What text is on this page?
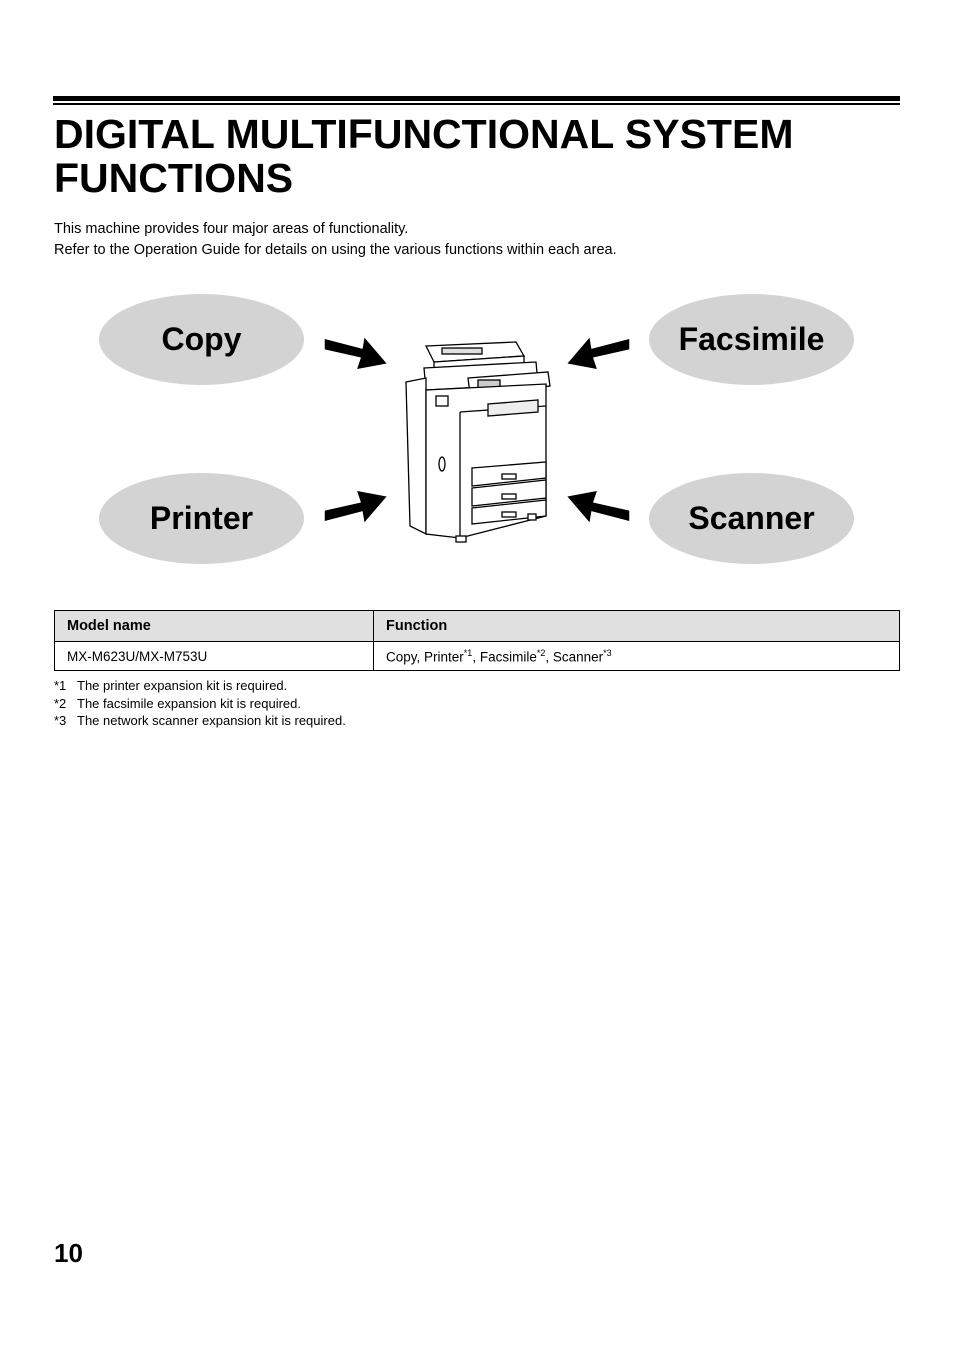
DIGITAL MULTIFUNCTIONAL SYSTEM FUNCTIONS

This machine provides four major areas of functionality.

Refer to the Operation Guide for details on using the various functions within each area.

Copy	Facsimile
Printer	Scanner
Model name	Function
MX-M623U/MX-M753U	Copy, Printer$^{*1}$, Facsimile$^{*2}$, Scanner$^{*3}$
*1 The printer expansion kit is required.
*2 The facsimile expansion kit is required.
*3 The network scanner expansion kit is required.
10
